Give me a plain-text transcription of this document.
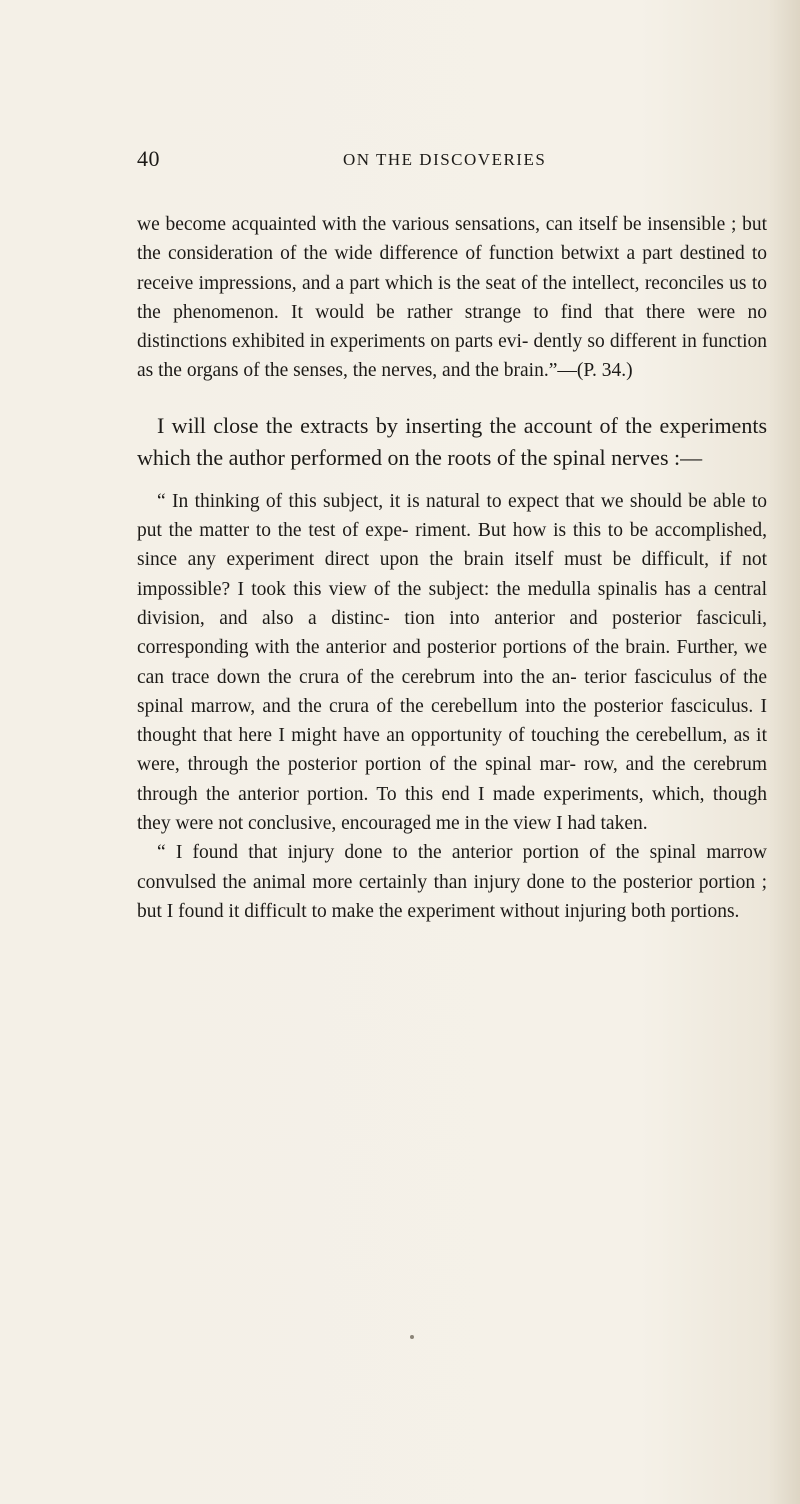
40	ON THE DISCOVERIES

we become acquainted with the various sensations, can itself be insensible ; but the consideration of the wide difference of function betwixt a part destined to receive impressions, and a part which is the seat of the intellect, reconciles us to the phenomenon. It would be rather strange to find that there were no distinctions exhibited in experiments on parts evi- dently so different in function as the organs of the senses, the nerves, and the brain.”—(P. 34.)

I will close the extracts by inserting the account of the experiments which the author performed on the roots of the spinal nerves :—

“ In thinking of this subject, it is natural to expect that we should be able to put the matter to the test of expe- riment. But how is this to be accomplished, since any experiment direct upon the brain itself must be difficult, if not impossible? I took this view of the subject: the medulla spinalis has a central division, and also a distinc- tion into anterior and posterior fasciculi, corresponding with the anterior and posterior portions of the brain. Further, we can trace down the crura of the cerebrum into the an- terior fasciculus of the spinal marrow, and the crura of the cerebellum into the posterior fasciculus. I thought that here I might have an opportunity of touching the cerebellum, as it were, through the posterior portion of the spinal mar- row, and the cerebrum through the anterior portion. To this end I made experiments, which, though they were not conclusive, encouraged me in the view I had taken.

“ I found that injury done to the anterior portion of the spinal marrow convulsed the animal more certainly than injury done to the posterior portion ; but I found it difficult to make the experiment without injuring both portions.
